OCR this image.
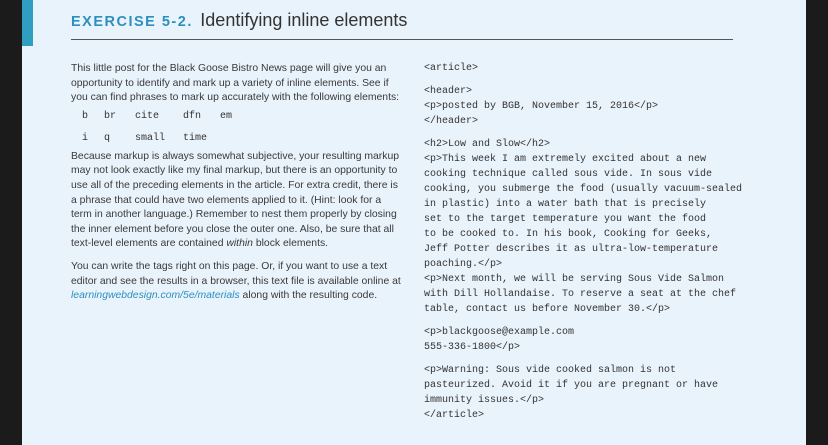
EXERCISE 5-2. Identifying inline elements

This little post for the Black Goose Bistro News page will give you an opportunity to identify and mark up a variety of inline elements. See if you can find phrases to mark up accurately with the following elements:

b br cite dfn em
i q small time

Because markup is always somewhat subjective, your resulting markup may not look exactly like my final markup, but there is an opportunity to use all of the preceding elements in the article. For extra credit, there is a phrase that could have two elements applied to it. (Hint: look for a term in another language.) Remember to nest them properly by closing the inner element before you close the outer one. Also, be sure that all text-level elements are contained within block elements.

You can write the tags right on this page. Or, if you want to use a text editor and see the results in a browser, this text file is available online at learningwebdesign.com/5e/materials along with the resulting code.

<article>
<header>
<p>posted by BGB, November 15, 2016</p>
</header>
<h2>Low and Slow</h2>
<p>This week I am extremely excited about a new
cooking technique called sous vide. In sous vide
cooking, you submerge the food (usually vacuum-sealed
in plastic) into a water bath that is precisely
set to the target temperature you want the food
to be cooked to. In his book, Cooking for Geeks,
Jeff Potter describes it as ultra-low-temperature
poaching.</p>
<p>Next month, we will be serving Sous Vide Salmon
with Dill Hollandaise. To reserve a seat at the chef
table, contact us before November 30.</p>
<p>blackgoose@example.com
555-336-1800</p>
<p>Warning: Sous vide cooked salmon is not
pasteurized. Avoid it if you are pregnant or have
immunity issues.</p>
</article>
